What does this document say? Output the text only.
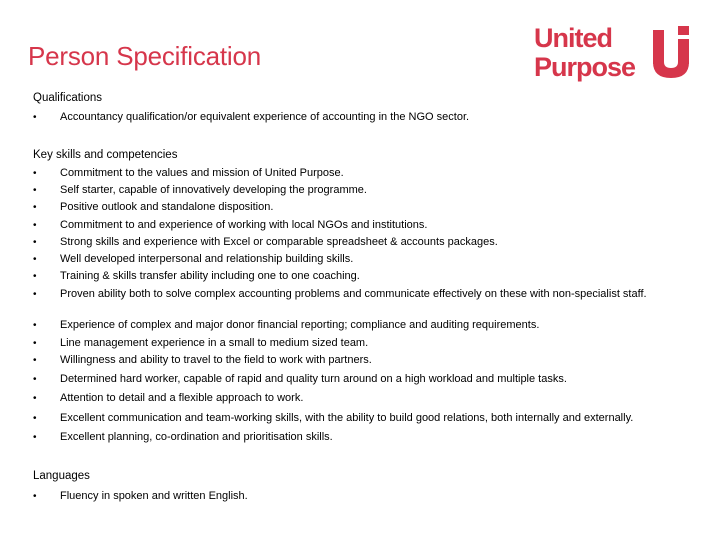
Person Specification
United
Purpose
Qualifications
• Accountancy qualification/or equivalent experience of accounting in the NGO sector.
Key skills and competencies
• Commitment to the values and mission of United Purpose.
• Self starter, capable of innovatively developing the programme.
• Positive outlook and standalone disposition.
• Commitment to and experience of working with local NGOs and institutions.
• Strong skills and experience with Excel or comparable spreadsheet & accounts packages.
• Well developed interpersonal and relationship building skills.
• Training & skills transfer ability including one to one coaching.
• Proven ability both to solve complex accounting problems and communicate effectively on these with non-specialist staff.
• Experience of complex and major donor financial reporting; compliance and auditing requirements.
• Line management experience in a small to medium sized team.
• Willingness and ability to travel to the field to work with partners.
• Determined hard worker, capable of rapid and quality turn around on a high workload and multiple tasks.
• Attention to detail and a flexible approach to work.
• Excellent communication and team-working skills, with the ability to build good relations, both internally and externally.
• Excellent planning, co-ordination and prioritisation skills.
Languages
• Fluency in spoken and written English.
